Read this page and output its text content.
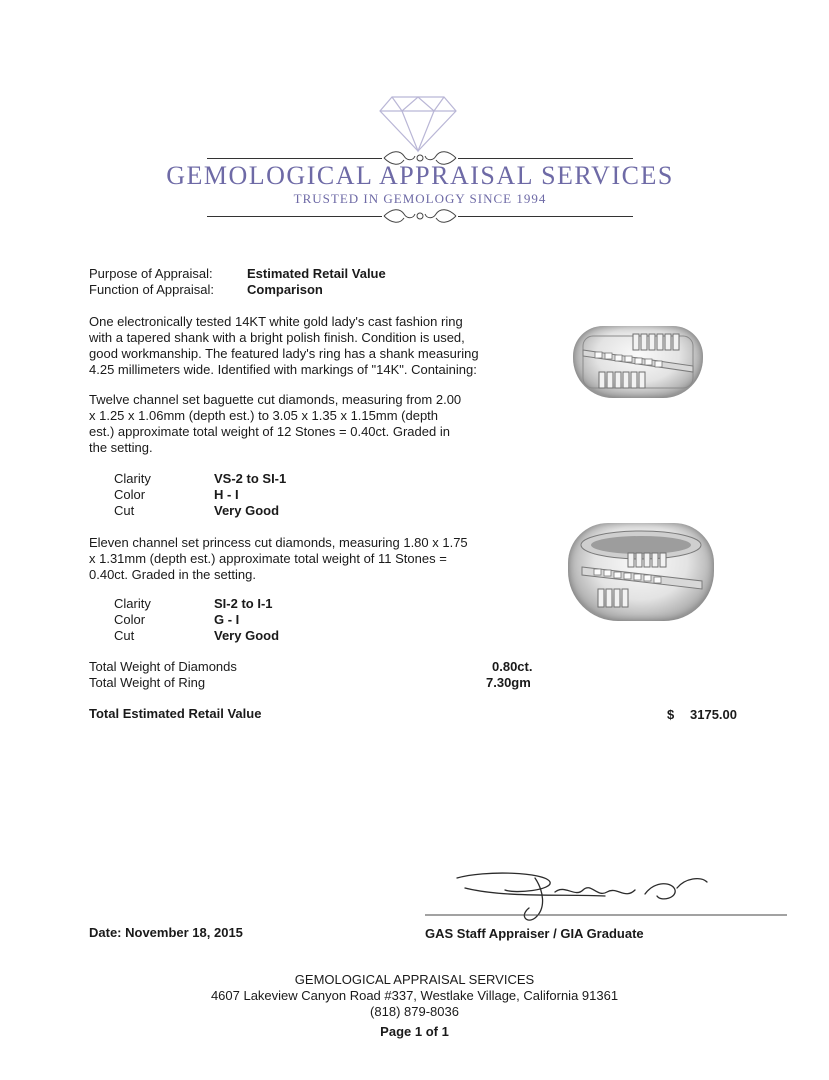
GEMOLOGICAL APPRAISAL SERVICES
TRUSTED IN GEMOLOGY SINCE 1994
Purpose of Appraisal:	Estimated Retail Value
Function of Appraisal:	Comparison
One electronically tested 14KT white gold lady's cast fashion ring
with a tapered shank with a bright polish finish. Condition is used,
good workmanship. The featured lady's ring has a shank measuring
4.25 millimeters wide. Identified with markings of "14K". Containing:
Twelve channel set baguette cut diamonds, measuring from 2.00
x 1.25 x 1.06mm (depth est.) to 3.05 x 1.35 x 1.15mm (depth
est.) approximate total weight of 12 Stones = 0.40ct. Graded in
the setting.
Clarity	VS-2 to SI-1
Color	H - I
Cut	Very Good
Eleven channel set princess cut diamonds, measuring 1.80 x 1.75
x 1.31mm (depth est.) approximate total weight of 11 Stones =
0.40ct. Graded in the setting.
Clarity	SI-2 to I-1
Color	G - I
Cut	Very Good
Total Weight of Diamonds	0.80ct.
Total Weight of Ring	7.30gm
Total Estimated Retail Value	$ 3175.00
Date: November 18, 2015	GAS Staff Appraiser / GIA Graduate
GEMOLOGICAL APPRAISAL SERVICES
4607 Lakeview Canyon Road #337, Westlake Village, California 91361
(818) 879-8036
Page 1 of 1
